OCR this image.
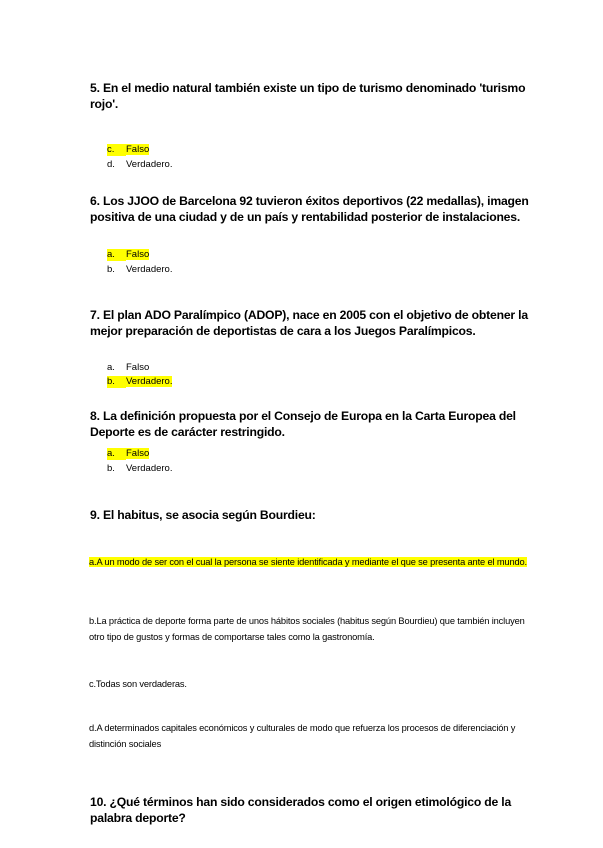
5. En el medio natural también existe un tipo de turismo denominado 'turismo rojo'.
c. Falso
d. Verdadero.
6. Los JJOO de Barcelona 92 tuvieron éxitos deportivos (22 medallas), imagen positiva de una ciudad y de un país y rentabilidad posterior de instalaciones.
a. Falso
b. Verdadero.
7. El plan ADO Paralímpico (ADOP), nace en 2005 con el objetivo de obtener la mejor preparación de deportistas de cara a los Juegos Paralímpicos.
a. Falso
b. Verdadero.
8. La definición propuesta por el Consejo de Europa en la Carta Europea del Deporte es de carácter restringido.
a. Falso
b. Verdadero.
9. El habitus, se asocia según Bourdieu:
a.A un modo de ser con el cual la persona se siente identificada y mediante el que se presenta ante el mundo.
b.La práctica de deporte forma parte de unos hábitos sociales (habitus según Bourdieu) que también incluyen otro tipo de gustos y formas de comportarse tales como la gastronomía.
c.Todas son verdaderas.
d.A determinados capitales económicos y culturales de modo que refuerza los procesos de diferenciación y distinción sociales
10. ¿Qué términos han sido considerados como el origen etimológico de la palabra deporte?
